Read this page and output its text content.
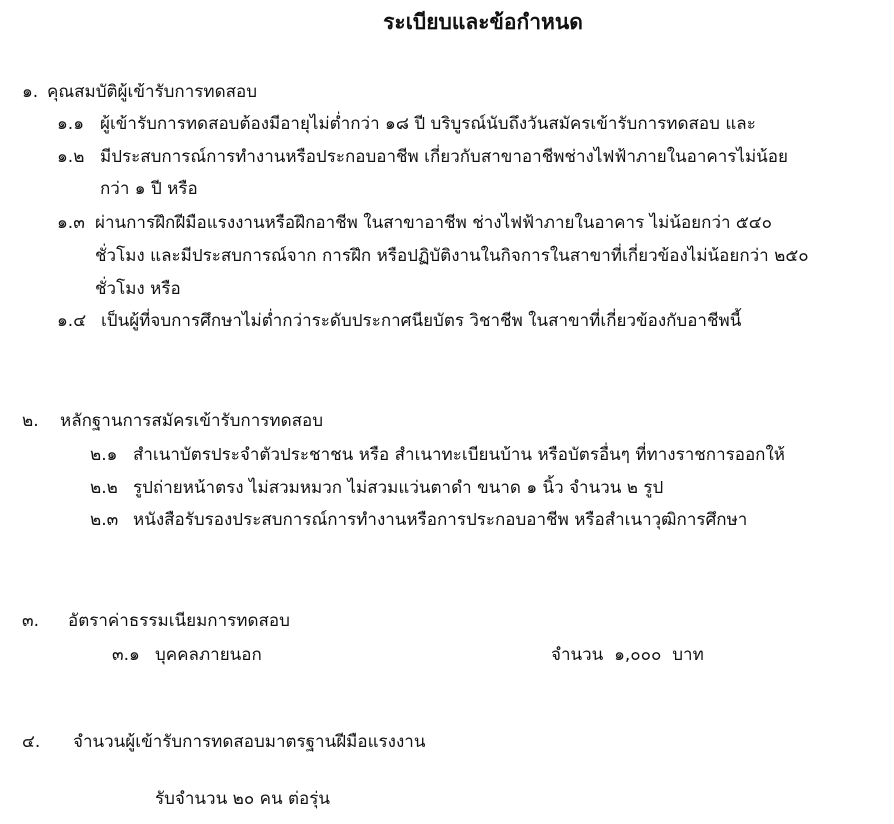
ระเบียบและข้อกำหนด
๑. คุณสมบัติผู้เข้ารับการทดสอบ
๑.๑ ผู้เข้ารับการทดสอบต้องมีอายุไม่ต่ำกว่า ๑๘ ปี บริบูรณ์นับถึงวันสมัครเข้ารับการทดสอบ และ
๑.๒ มีประสบการณ์การทำงานหรือประกอบอาชีพ เกี่ยวกับสาขาอาชีพช่างไฟฟ้าภายในอาคารไม่น้อย
กว่า ๑ ปี หรือ
๑.๓ ผ่านการฝึกฝีมือแรงงานหรือฝึกอาชีพ ในสาขาอาชีพ ช่างไฟฟ้าภายในอาคาร ไม่น้อยกว่า ๕๔๐
ชั่วโมง และมีประสบการณ์จาก การฝึก หรือปฏิบัติงานในกิจการในสาขาที่เกี่ยวข้องไม่น้อยกว่า ๒๕๐
ชั่วโมง หรือ
๑.๔ เป็นผู้ที่จบการศึกษาไม่ต่ำกว่าระดับประกาศนียบัตร วิชาชีพ ในสาขาที่เกี่ยวข้องกับอาชีพนี้
๒. หลักฐานการสมัครเข้ารับการทดสอบ
๒.๑ สำเนาบัตรประจำตัวประชาชน หรือ สำเนาทะเบียนบ้าน หรือบัตรอื่นๆ ที่ทางราชการออกให้
๒.๒ รูปถ่ายหน้าตรง ไม่สวมหมวก ไม่สวมแว่นตาดำ ขนาด ๑ นิ้ว จำนวน ๒ รูป
๒.๓ หนังสือรับรองประสบการณ์การทำงานหรือการประกอบอาชีพ หรือสำเนาวุฒิการศึกษา
๓. อัตราค่าธรรมเนียมการทดสอบ
๓.๑ บุคคลภายนอก	จำนวน  ๑,๐๐๐  บาท
๔. จำนวนผู้เข้ารับการทดสอบมาตรฐานฝีมือแรงงาน
รับจำนวน ๒๐ คน ต่อรุ่น
